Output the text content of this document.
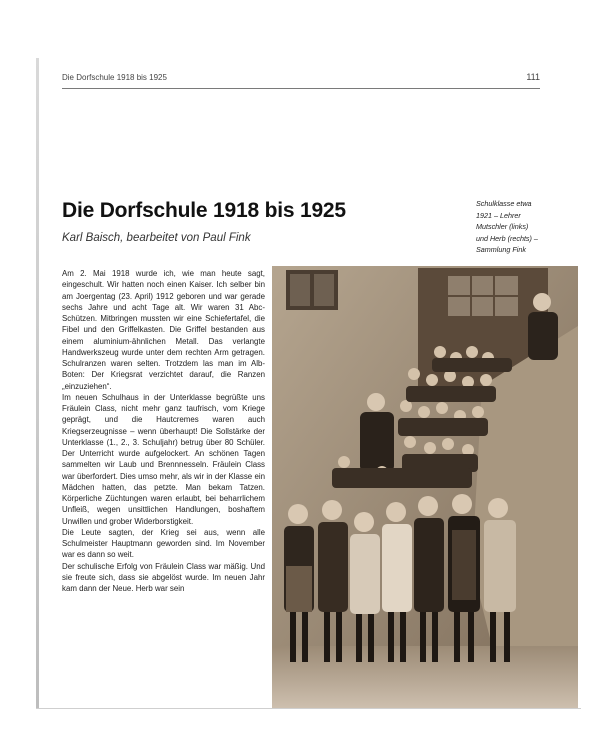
Die Dorfschule 1918 bis 1925	111
Die Dorfschule 1918 bis 1925
Karl Baisch, bearbeitet von Paul Fink
Schulklasse etwa
1921 – Lehrer
Mutschler (links)
und Herb (rechts) –
Sammlung Fink

Am 2. Mai 1918 wurde ich, wie man heute sagt, eingeschult. Wir hatten noch einen Kaiser. Ich selber bin am Joergentag (23. April) 1912 geboren und war gerade sechs Jahre und acht Tage alt. Wir waren 31 Abc-Schützen. Mitbringen mussten wir eine Schiefertafel, die Fibel und den Griffelkasten. Die Griffel bestanden aus einem aluminium-ähnlichen Metall. Das verlangte Handwerkszeug wurde unter dem rechten Arm getragen. Schulranzen waren selten. Trotzdem las man im Alb-Boten: Der Kriegsrat verzichtet darauf, die Ranzen „einzuziehen“.

Im neuen Schulhaus in der Unterklasse begrüßte uns Fräulein Class, nicht mehr ganz taufrisch, vom Kriege geprägt, und die Hautcremes waren auch Kriegserzeugnisse – wenn überhaupt! Die Sollstärke der Unterklasse (1., 2., 3. Schuljahr) betrug über 80 Schüler. Der Unterricht wurde aufgelockert. An schönen Tagen sammelten wir Laub und Brennnesseln. Fräulein Class war überfordert. Dies umso mehr, als wir in der Klasse ein Mädchen hatten, das petzte. Man bekam Tatzen. Körperliche Züchtungen waren erlaubt, bei beharrlichem Unfleiß, wegen unsittlichen Handlungen, boshaftem Unwillen und grober Widerborstigkeit.

Die Leute sagten, der Krieg sei aus, wenn alle Schulmeister Hauptmann geworden sind. Im November war es dann so weit.

Der schulische Erfolg von Fräulein Class war mäßig. Und sie freute sich, dass sie abgelöst wurde. Im neuen Jahr kam dann der Neue. Herb war sein
